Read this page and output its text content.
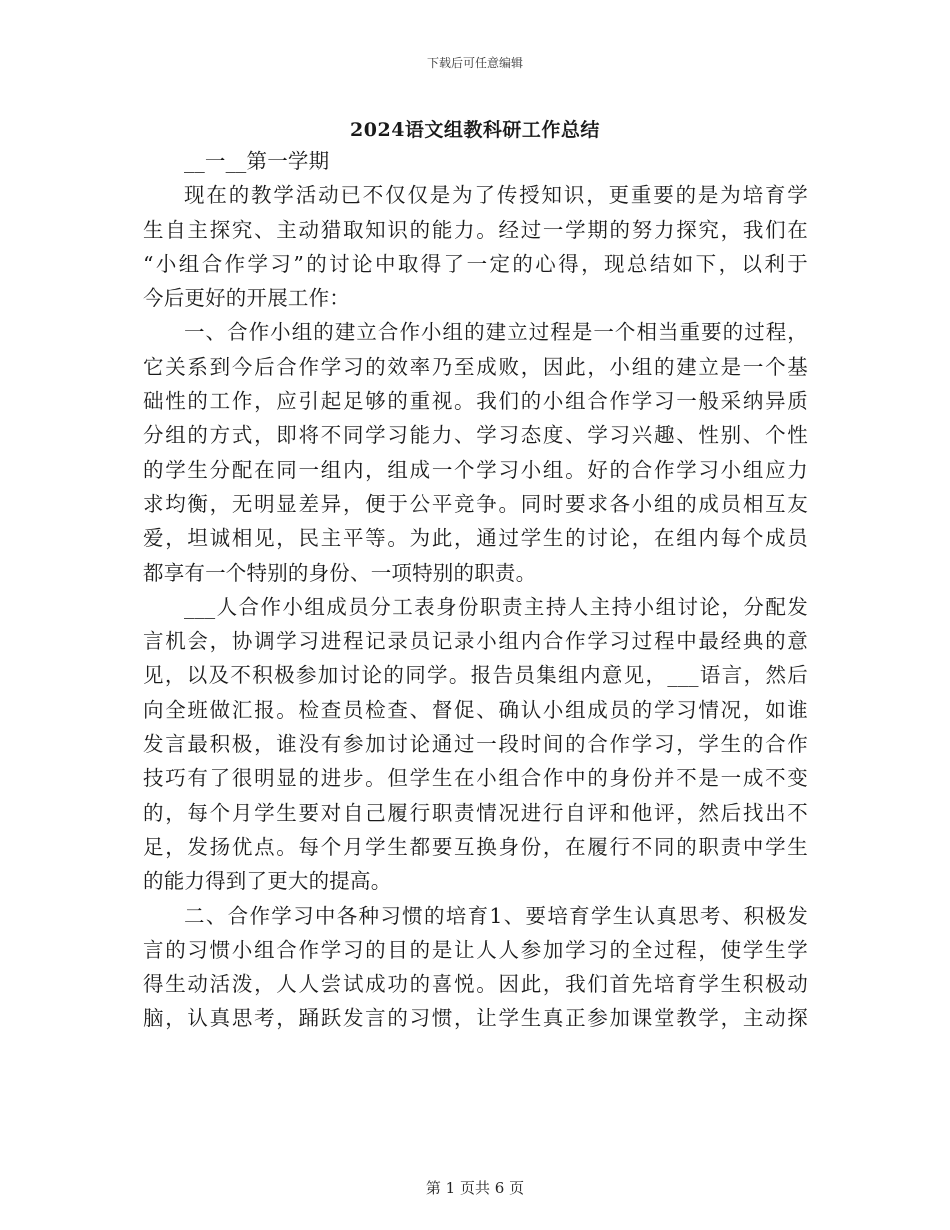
下载后可任意编辑
2024语文组教科研工作总结
__一__第一学期
现在的教学活动已不仅仅是为了传授知识，更重要的是为培育学
生自主探究、主动猎取知识的能力。经过一学期的努力探究，我们在
“小组合作学习”的讨论中取得了一定的心得，现总结如下，以利于
今后更好的开展工作：
一、合作小组的建立合作小组的建立过程是一个相当重要的过程，
它关系到今后合作学习的效率乃至成败，因此，小组的建立是一个基
础性的工作，应引起足够的重视。我们的小组合作学习一般采纳异质
分组的方式，即将不同学习能力、学习态度、学习兴趣、性别、个性
的学生分配在同一组内，组成一个学习小组。好的合作学习小组应力
求均衡，无明显差异，便于公平竞争。同时要求各小组的成员相互友
爱，坦诚相见，民主平等。为此，通过学生的讨论，在组内每个成员
都享有一个特别的身份、一项特别的职责。
___人合作小组成员分工表身份职责主持人主持小组讨论，分配发
言机会，协调学习进程记录员记录小组内合作学习过程中最经典的意
见，以及不积极参加讨论的同学。报告员集组内意见，___语言，然后
向全班做汇报。检查员检查、督促、确认小组成员的学习情况，如谁
发言最积极，谁没有参加讨论通过一段时间的合作学习，学生的合作
技巧有了很明显的进步。但学生在小组合作中的身份并不是一成不变
的，每个月学生要对自己履行职责情况进行自评和他评，然后找出不
足，发扬优点。每个月学生都要互换身份，在履行不同的职责中学生
的能力得到了更大的提高。
二、合作学习中各种习惯的培育1、要培育学生认真思考、积极发
言的习惯小组合作学习的目的是让人人参加学习的全过程，使学生学
得生动活泼，人人尝试成功的喜悦。因此，我们首先培育学生积极动
脑，认真思考，踊跃发言的习惯，让学生真正参加课堂教学，主动探
第 1 页共 6 页
